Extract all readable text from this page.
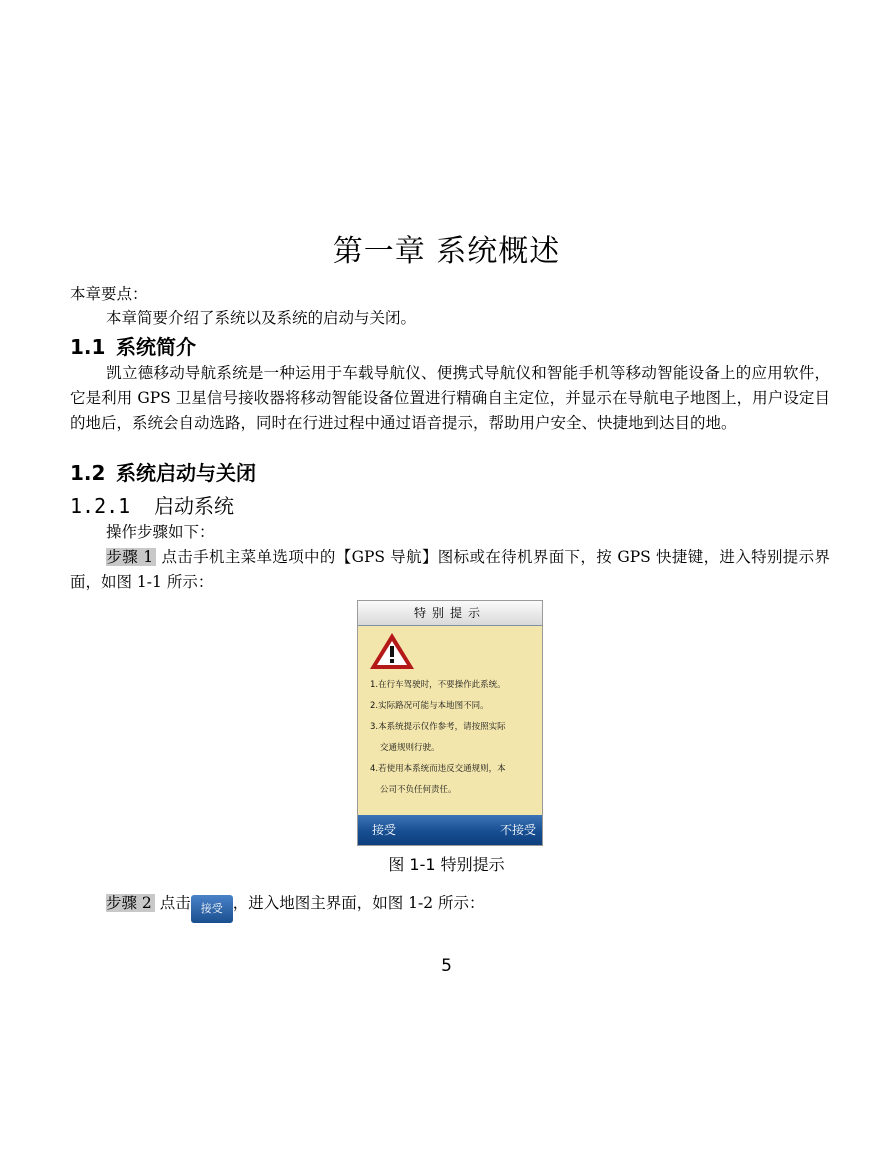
第一章 系统概述
本章要点：
本章简要介绍了系统以及系统的启动与关闭。
1.1 系统简介
凯立德移动导航系统是一种运用于车载导航仪、便携式导航仪和智能手机等移动智能设备上的应用软件，它是利用 GPS 卫星信号接收器将移动智能设备位置进行精确自主定位，并显示在导航电子地图上，用户设定目的地后，系统会自动选路，同时在行进过程中通过语音提示，帮助用户安全、快捷地到达目的地。
1.2 系统启动与关闭
1.2.1 启动系统
操作步骤如下：
步骤 1 点击手机主菜单选项中的【GPS 导航】图标或在待机界面下，按 GPS 快捷键，进入特别提示界面，如图 1-1 所示：
特别提示
1.在行车驾驶时，不要操作此系统。
2.实际路况可能与本地图不同。
3.本系统提示仅作参考，请按照实际
交通规则行驶。
4.若使用本系统而违反交通规则，本
公司不负任何责任。
接受	不接受
图 1-1 特别提示
步骤 2 点击 接受 ，进入地图主界面，如图 1-2 所示：
5
